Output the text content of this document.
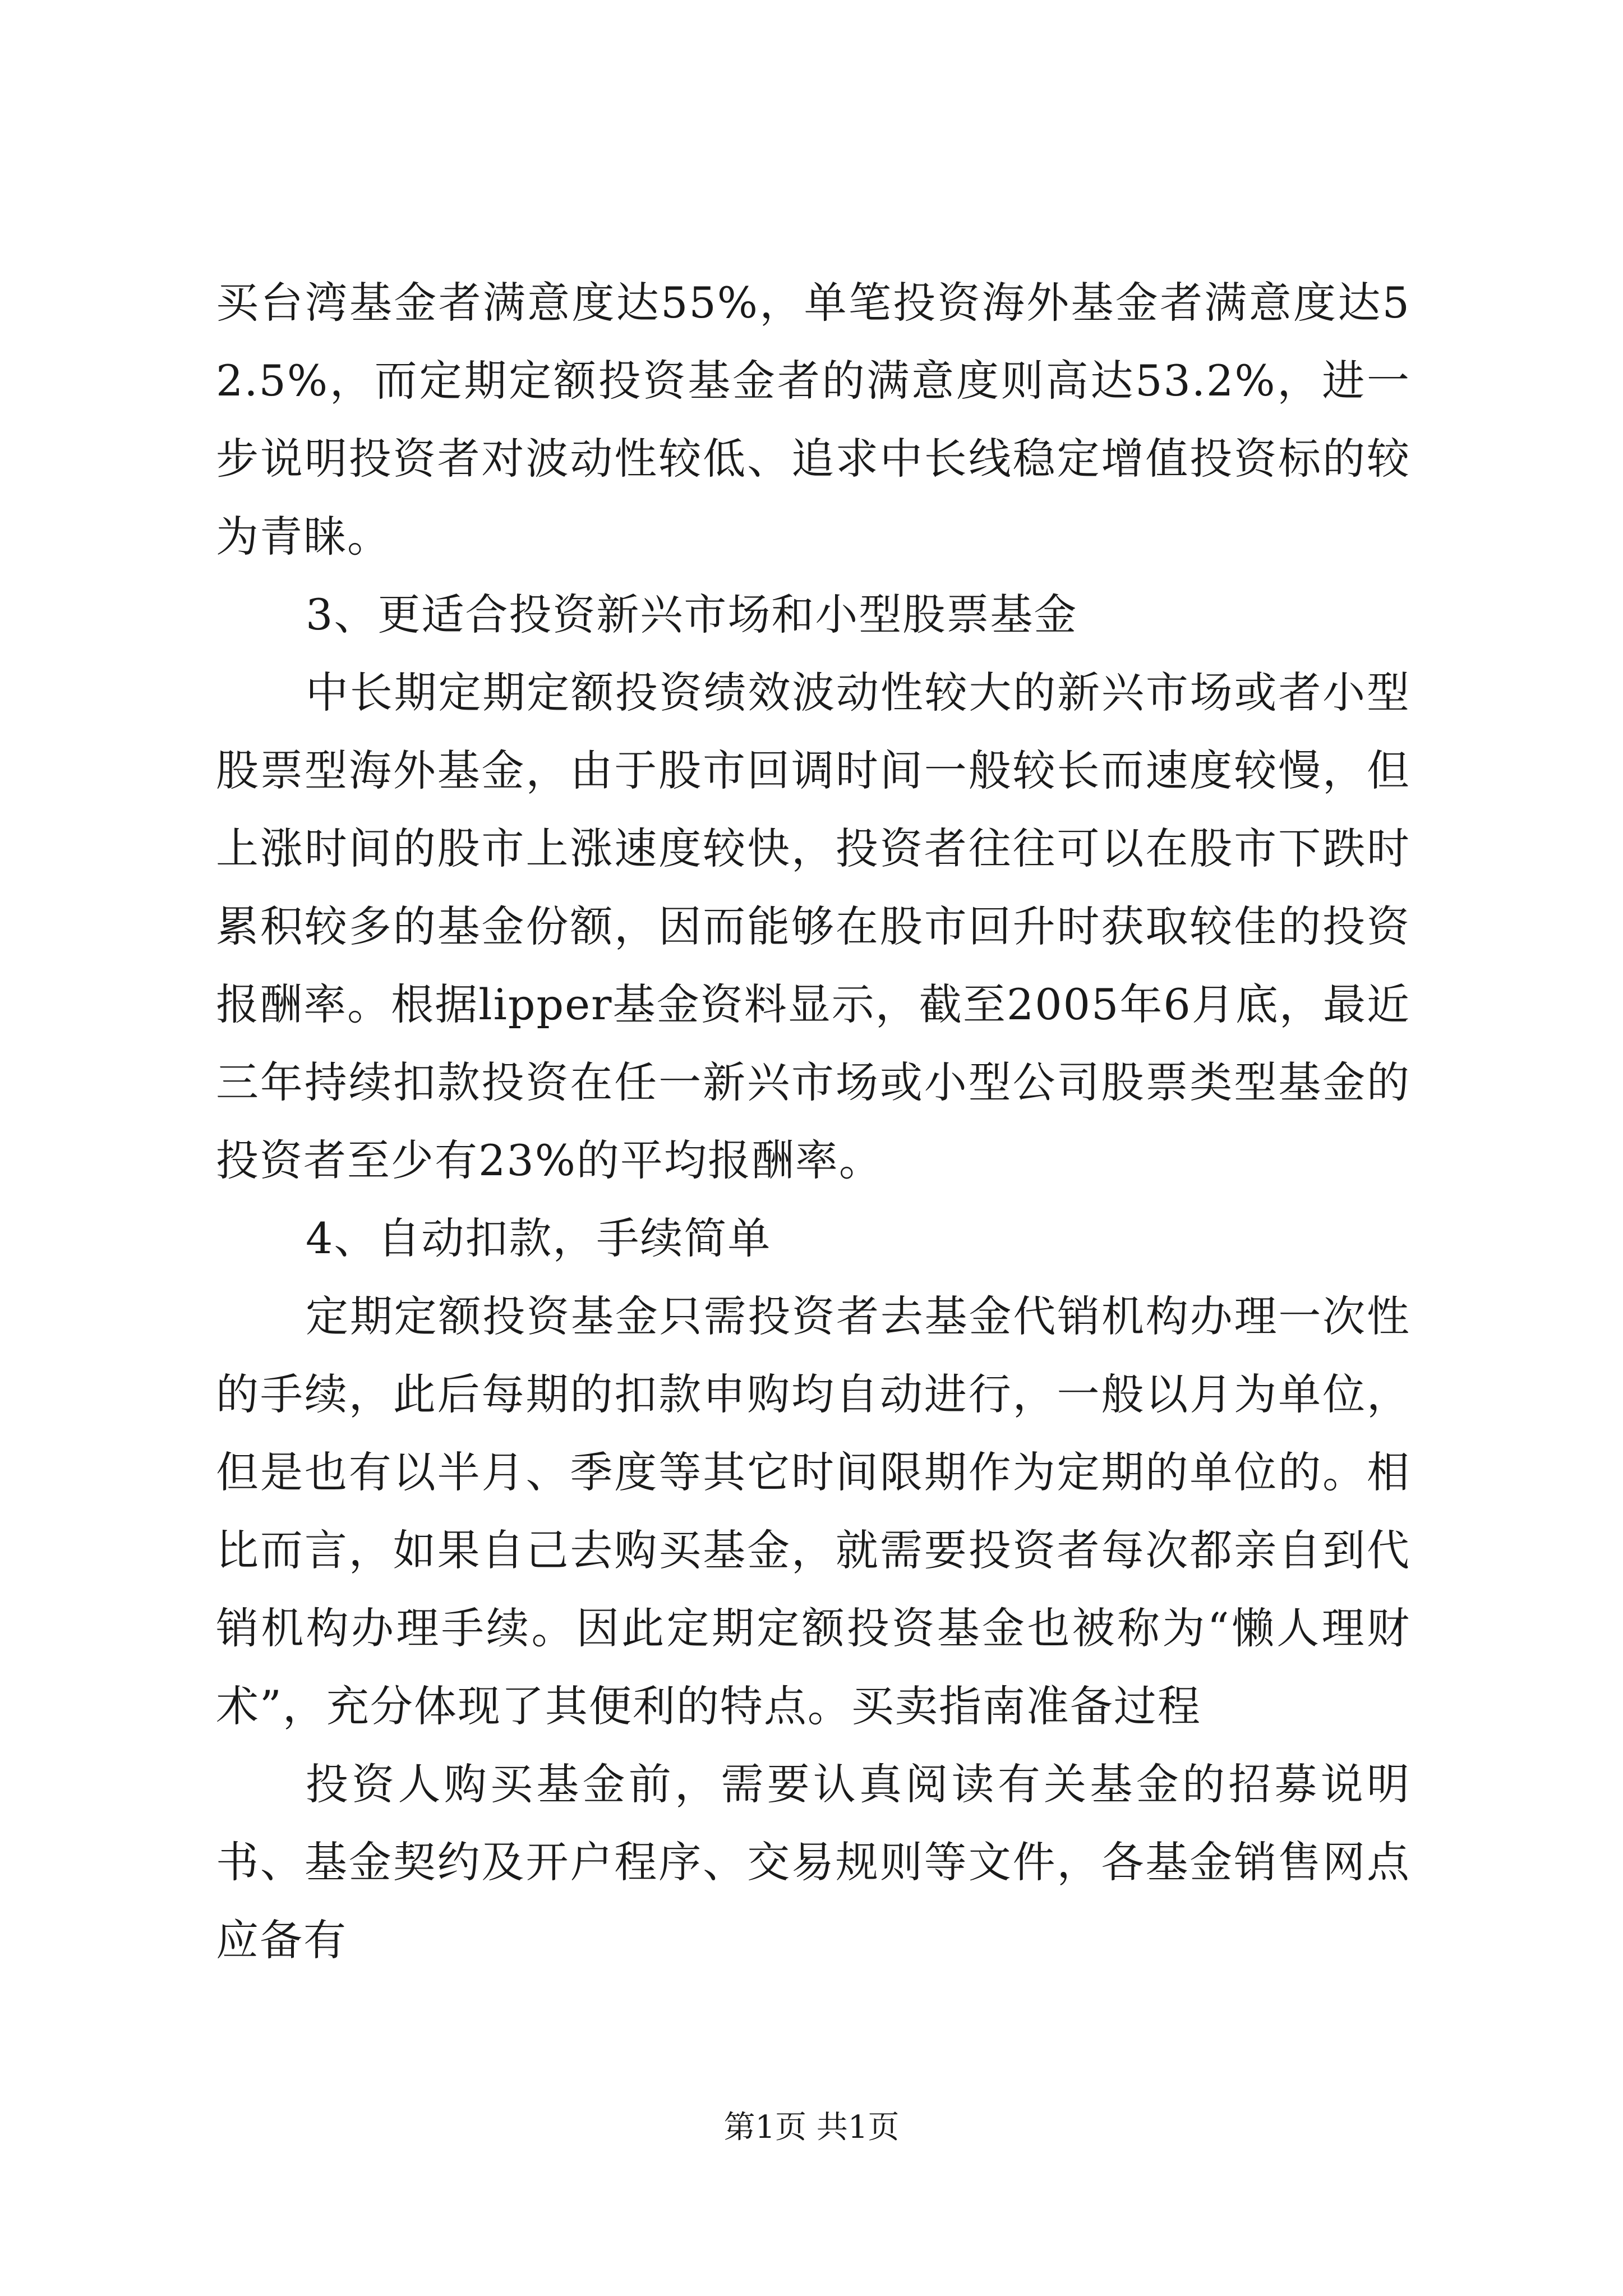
买台湾基金者满意度达55%，单笔投资海外基金者满意度达52.5%，而定期定额投资基金者的满意度则高达53.2%，进一步说明投资者对波动性较低、追求中长线稳定增值投资标的较为青睐。

3、更适合投资新兴市场和小型股票基金

中长期定期定额投资绩效波动性较大的新兴市场或者小型股票型海外基金，由于股市回调时间一般较长而速度较慢，但上涨时间的股市上涨速度较快，投资者往往可以在股市下跌时累积较多的基金份额，因而能够在股市回升时获取较佳的投资报酬率。根据lipper基金资料显示，截至2005年6月底，最近三年持续扣款投资在任一新兴市场或小型公司股票类型基金的投资者至少有23%的平均报酬率。

4、自动扣款，手续简单

定期定额投资基金只需投资者去基金代销机构办理一次性的手续，此后每期的扣款申购均自动进行，一般以月为单位，但是也有以半月、季度等其它时间限期作为定期的单位的。相比而言，如果自己去购买基金，就需要投资者每次都亲自到代销机构办理手续。因此定期定额投资基金也被称为“懒人理财术”，充分体现了其便利的特点。买卖指南准备过程

投资人购买基金前，需要认真阅读有关基金的招募说明书、基金契约及开户程序、交易规则等文件，各基金销售网点应备有

第1页 共1页
